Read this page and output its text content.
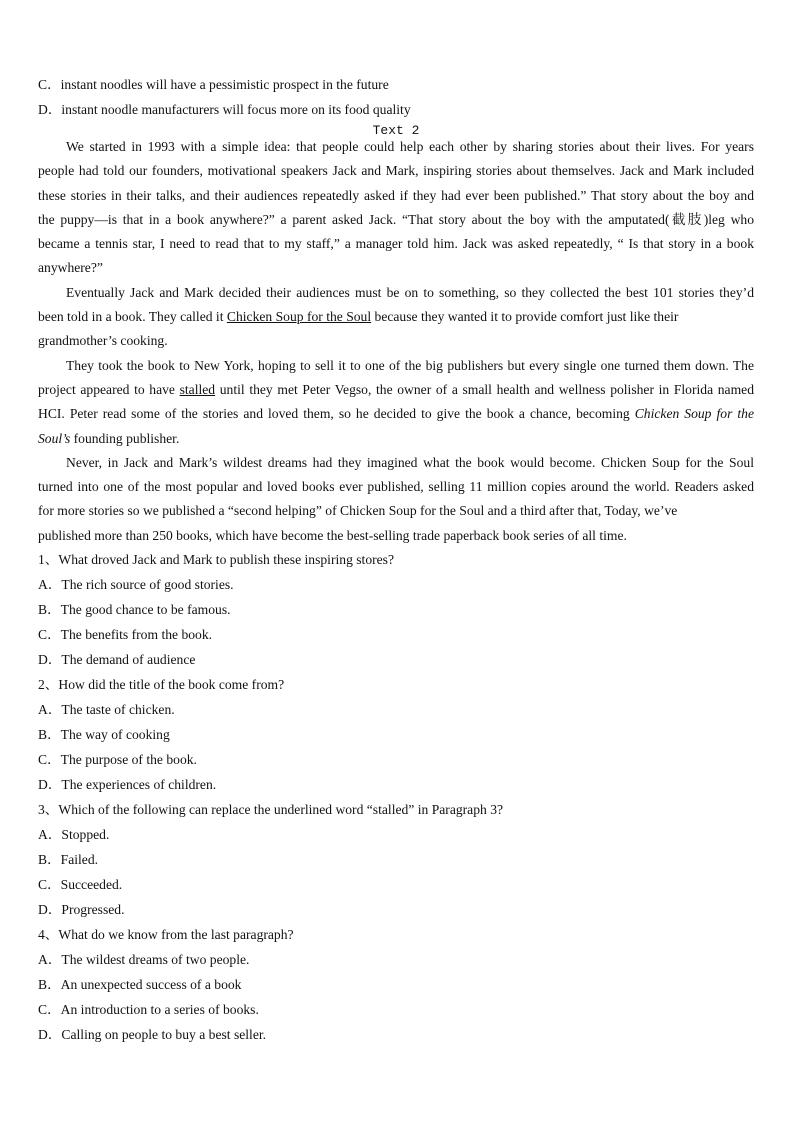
C．instant noodles will have a pessimistic prospect in the future
D．instant noodle manufacturers will focus more on its food quality
Text 2
We started in 1993 with a simple idea: that people could help each other by sharing stories about their lives. For years
people had told our founders, motivational speakers Jack and Mark, inspiring stories about themselves. Jack and Mark included
these stories in their talks, and their audiences repeatedly asked if they had ever been published.” That story about the boy and
the puppy—is that in a book anywhere?” a parent asked Jack. “That story about the boy with the amputated(截肢)leg who
became a tennis star, I need to read that to my staff,” a manager told him. Jack was asked repeatedly, “ Is that story in a book
anywhere?”
Eventually Jack and Mark decided their audiences must be on to something, so they collected the best 101 stories they’d
been told in a book. They called it Chicken Soup for the Soul because they wanted it to provide comfort just like their
grandmother’s cooking.
They took the book to New York, hoping to sell it to one of the big publishers but every single one turned them down. The
project appeared to have stalled until they met Peter Vegso, the owner of a small health and wellness polisher in Florida named
HCI. Peter read some of the stories and loved them, so he decided to give the book a chance, becoming Chicken Soup for the
Soul’s founding publisher.
Never, in Jack and Mark’s wildest dreams had they imagined what the book would become. Chicken Soup for the Soul
turned into one of the most popular and loved books ever published, selling 11 million copies around the world. Readers asked
for more stories so we published a “second helping” of Chicken Soup for the Soul and a third after that, Today, we’ve
published more than 250 books, which have become the best-selling trade paperback book series of all time.
1、What droved Jack and Mark to publish these inspiring stores?
A．The rich source of good stories.
B．The good chance to be famous.
C．The benefits from the book.
D．The demand of audience
2、How did the title of the book come from?
A．The taste of chicken.
B．The way of cooking
C．The purpose of the book.
D．The experiences of children.
3、Which of the following can replace the underlined word “stalled” in Paragraph 3?
A．Stopped.
B．Failed.
C．Succeeded.
D．Progressed.
4、What do we know from the last paragraph?
A．The wildest dreams of two people.
B．An unexpected success of a book
C．An introduction to a series of books.
D．Calling on people to buy a best seller.
